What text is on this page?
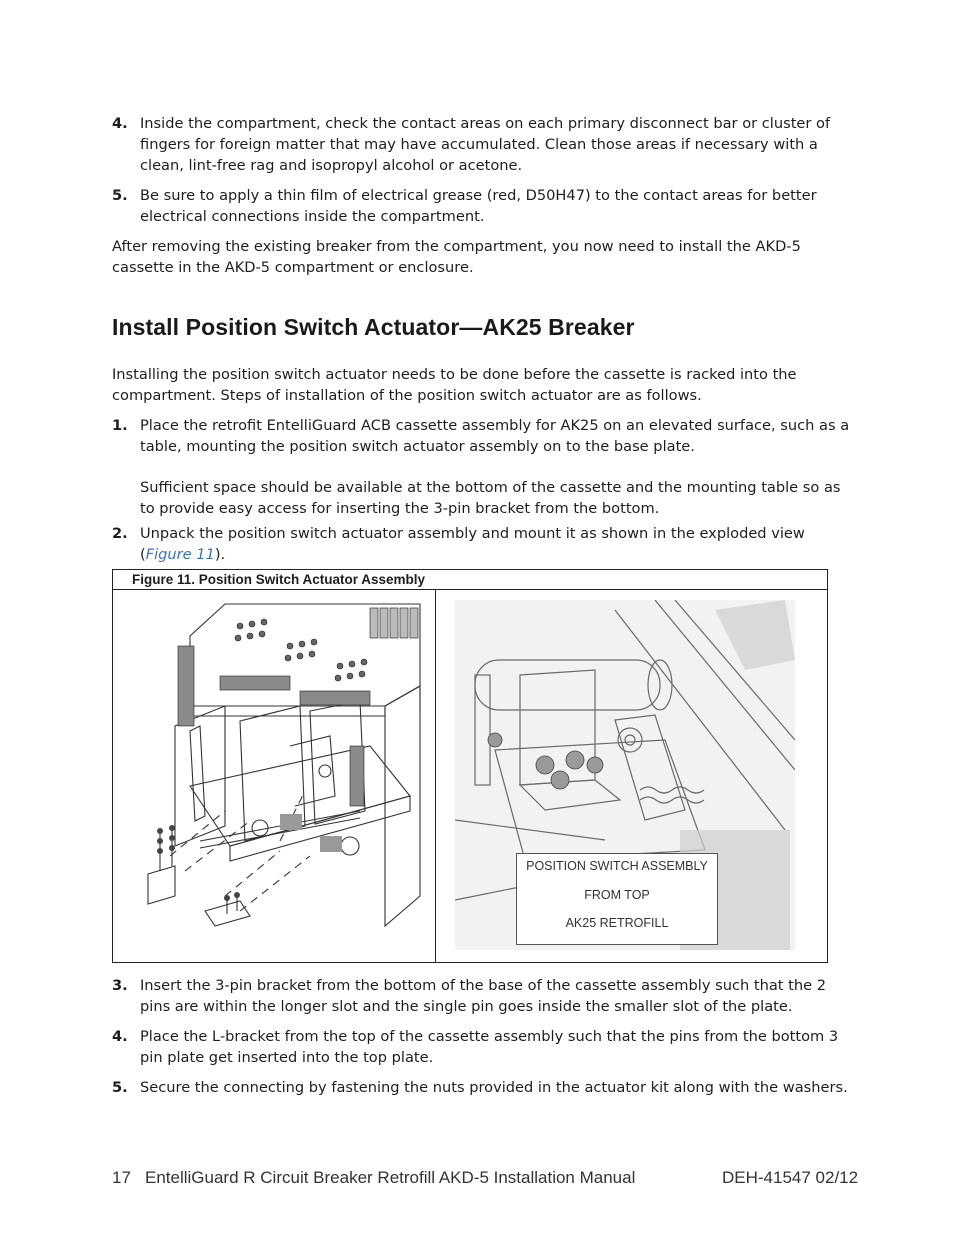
4. Inside the compartment, check the contact areas on each primary disconnect bar or cluster of fingers for foreign matter that may have accumulated. Clean those areas if necessary with a clean, lint-free rag and isopropyl alcohol or acetone.
5. Be sure to apply a thin film of electrical grease (red, D50H47) to the contact areas for better electrical connections inside the compartment.
After removing the existing breaker from the compartment, you now need to install the AKD-5 cassette in the AKD-5 compartment or enclosure.
Install Position Switch Actuator—AK25 Breaker
Installing the position switch actuator needs to be done before the cassette is racked into the compartment. Steps of installation of the position switch actuator are as follows.
1. Place the retrofit EntelliGuard ACB cassette assembly for AK25 on an elevated surface, such as a table, mounting the position switch actuator assembly on to the base plate.
Sufficient space should be available at the bottom of the cassette and the mounting table so as to provide easy access for inserting the 3-pin bracket from the bottom.
2. Unpack the position switch actuator assembly and mount it as shown in the exploded view (Figure 11).
Figure 11. Position Switch Actuator Assembly
POSITION SWITCH ASSEMBLY
FROM TOP
AK25 RETROFILL
3. Insert the 3-pin bracket from the bottom of the base of the cassette assembly such that the 2 pins are within the longer slot and the single pin goes inside the smaller slot of the plate.
4. Place the L-bracket from the top of the cassette assembly such that the pins from the bottom 3 pin plate get inserted into the top plate.
5. Secure the connecting by fastening the nuts provided in the actuator kit along with the washers.
17 EntelliGuard R Circuit Breaker Retrofill AKD-5 Installation Manual	DEH-41547 02/12
